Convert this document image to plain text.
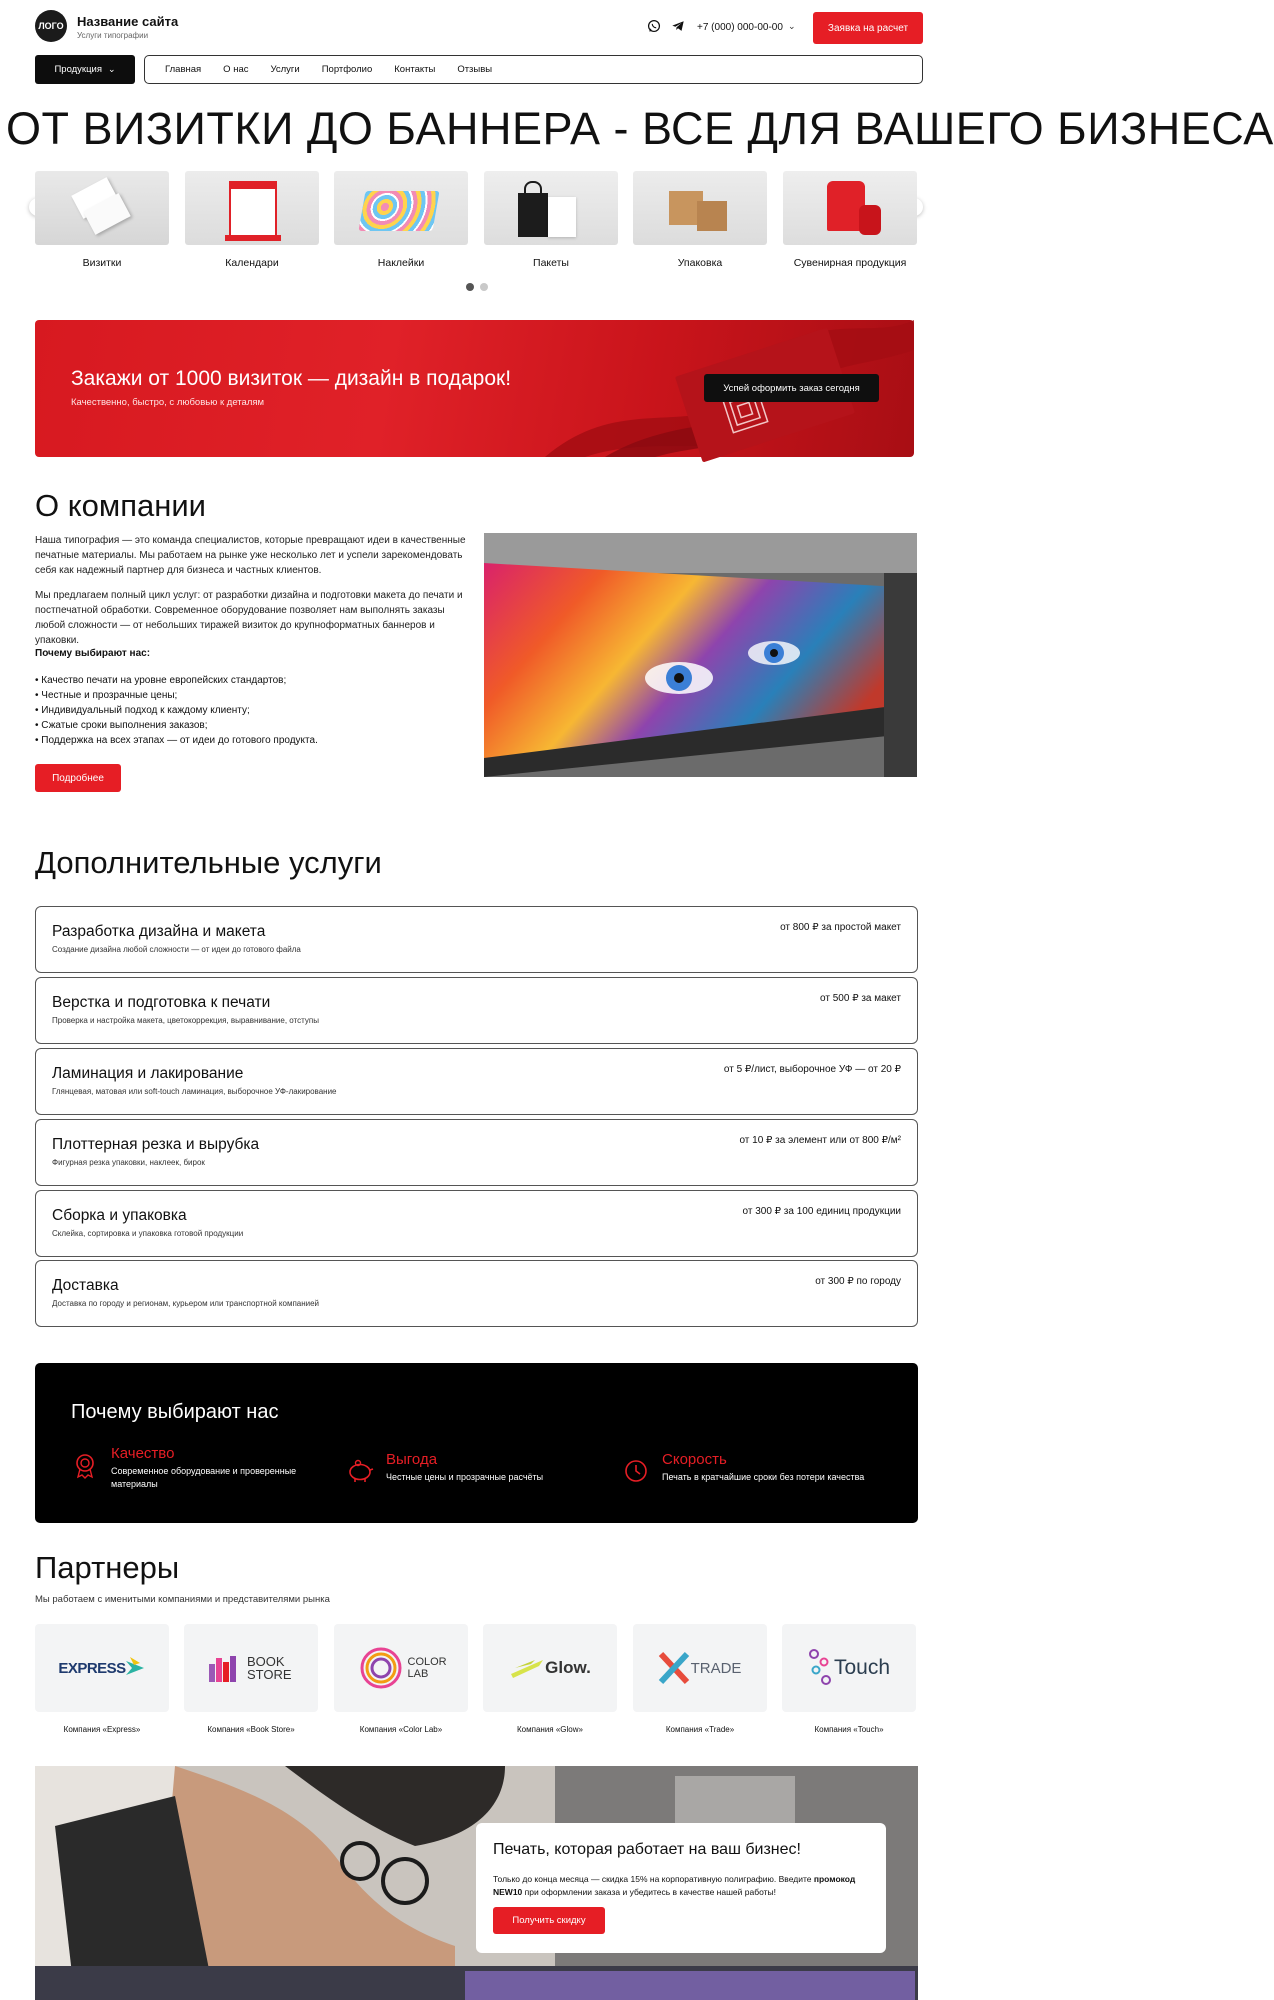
ЛОГО Название сайта
Услуги типографии
+7 (000) 000-00-00 ⌄	Заявка на расчет
Продукция ⌄	Главная О нас Услуги Портфолио Контакты Отзывы
ОТ ВИЗИТКИ ДО БАННЕРА - ВСЕ ДЛЯ ВАШЕГО БИЗНЕСА
Визитки	Календари	Наклейки	Пакеты	Упаковка	Сувенирная продукция
Закажи от 1000 визиток — дизайн в подарок!
Качественно, быстро, с любовью к деталям
Успей оформить заказ сегодня
О компании

Наша типография — это команда специалистов, которые превращают идеи в качественные печатные материалы. Мы работаем на рынке уже несколько лет и успели зарекомендовать себя как надежный партнер для бизнеса и частных клиентов.

Мы предлагаем полный цикл услуг: от разработки дизайна и подготовки макета до печати и постпечатной обработки. Современное оборудование позволяет нам выполнять заказы любой сложности — от небольших тиражей визиток до крупноформатных баннеров и упаковки.

Почему выбирают нас:
• Качество печати на уровне европейских стандартов;
• Честные и прозрачные цены;
• Индивидуальный подход к каждому клиенту;
• Сжатые сроки выполнения заказов;
• Поддержка на всех этапах — от идеи до готового продукта.
Подробнее
Дополнительные услуги
Разработка дизайна и макета
Создание дизайна любой сложности — от идеи до готового файла
от 800 ₽ за простой макет
Верстка и подготовка к печати
Проверка и настройка макета, цветокоррекция, выравнивание, отступы
от 500 ₽ за макет
Ламинация и лакирование
Глянцевая, матовая или soft-touch ламинация, выборочное УФ-лакирование
от 5 ₽/лист, выборочное УФ — от 20 ₽
Плоттерная резка и вырубка
Фигурная резка упаковки, наклеек, бирок
от 10 ₽ за элемент или от 800 ₽/м²
Сборка и упаковка
Склейка, сортировка и упаковка готовой продукции
от 300 ₽ за 100 единиц продукции
Доставка
Доставка по городу и регионам, курьером или транспортной компанией
от 300 ₽ по городу
Почему выбирают нас
Качество
Современное оборудование и проверенные материалы
Выгода
Честные цены и прозрачные расчёты
Скорость
Печать в кратчайшие сроки без потери качества
Партнеры
Мы работаем с именитыми компаниями и представителями рынка
EXPRESS
Компания «Express»
BOOK STORE
Компания «Book Store»
COLOR LAB
Компания «Color Lab»
Glow.
Компания «Glow»
TRADE
Компания «Trade»
Touch
Компания «Touch»
Печать, которая работает на ваш бизнес!
Только до конца месяца — скидка 15% на корпоративную полиграфию. Введите промокод NEW10 при оформлении заказа и убедитесь в качестве нашей работы!
Получить скидку
